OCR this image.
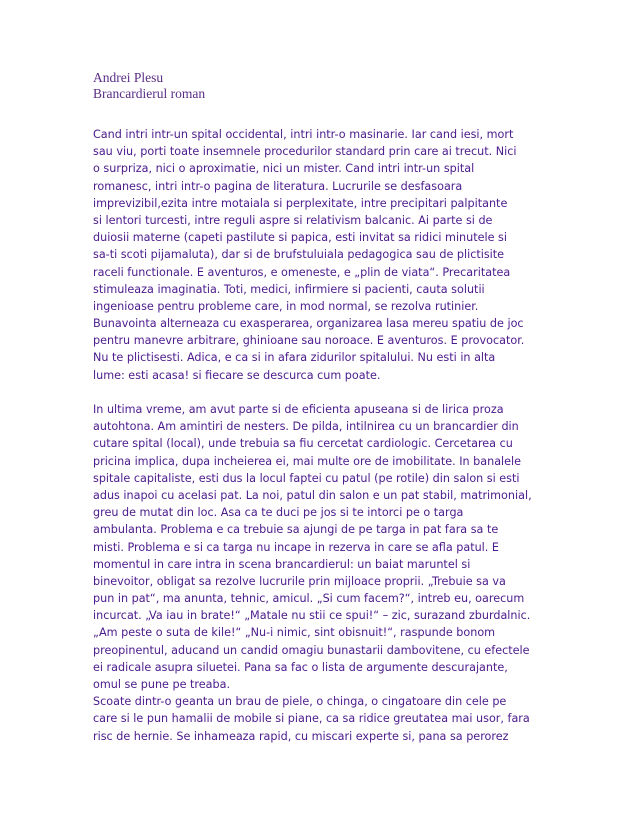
Andrei Plesu
Brancardierul roman
Cand intri intr-un spital occidental, intri intr-o masinarie. Iar cand iesi, mort
sau viu, porti toate insemnele procedurilor standard prin care ai trecut. Nici
o surpriza, nici o aproximatie, nici un mister. Cand intri intr-un spital
romanesc, intri intr-o pagina de literatura. Lucrurile se desfasoara
imprevizibil,ezita intre motaiala si perplexitate, intre precipitari palpitante
si lentori turcesti, intre reguli aspre si relativism balcanic. Ai parte si de
duiosii materne (capeti pastilute si papica, esti invitat sa ridici minutele si
sa-ti scoti pijamaluta), dar si de brufstuluiala pedagogica sau de plictisite
raceli functionale. E aventuros, e omeneste, e „plin de viata“. Precaritatea
stimuleaza imaginatia. Toti, medici, infirmiere si pacienti, cauta solutii
ingenioase pentru probleme care, in mod normal, se rezolva rutinier.
Bunavointa alterneaza cu exasperarea, organizarea lasa mereu spatiu de joc
pentru manevre arbitrare, ghinioane sau noroace. E aventuros. E provocator.
Nu te plictisesti. Adica, e ca si in afara zidurilor spitalului. Nu esti in alta
lume: esti acasa! si fiecare se descurca cum poate.
In ultima vreme, am avut parte si de eficienta apuseana si de lirica proza
autohtona. Am amintiri de nesters. De pilda, intilnirea cu un brancardier din
cutare spital (local), unde trebuia sa fiu cercetat cardiologic. Cercetarea cu
pricina implica, dupa incheierea ei, mai multe ore de imobilitate. In banalele
spitale capitaliste, esti dus la locul faptei cu patul (pe rotile) din salon si esti
adus inapoi cu acelasi pat. La noi, patul din salon e un pat stabil, matrimonial,
greu de mutat din loc. Asa ca te duci pe jos si te intorci pe o targa
ambulanta. Problema e ca trebuie sa ajungi de pe targa in pat fara sa te
misti. Problema e si ca targa nu incape in rezerva in care se afla patul. E
momentul in care intra in scena brancardierul: un baiat maruntel si
binevoitor, obligat sa rezolve lucrurile prin mijloace proprii. „Trebuie sa va
pun in pat“, ma anunta, tehnic, amicul. „Si cum facem?“, intreb eu, oarecum
incurcat. „Va iau in brate!“ „Matale nu stii ce spui!“ – zic, surazand zburdalnic.
„Am peste o suta de kile!“ „Nu-i nimic, sint obisnuit!“, raspunde bonom
preopinentul, aducand un candid omagiu bunastarii dambovitene, cu efectele
ei radicale asupra siluetei. Pana sa fac o lista de argumente descurajante,
omul se pune pe treaba.
Scoate dintr-o geanta un brau de piele, o chinga, o cingatoare din cele pe
care si le pun hamalii de mobile si piane, ca sa ridice greutatea mai usor, fara
risc de hernie. Se inhameaza rapid, cu miscari experte si, pana sa perorez
